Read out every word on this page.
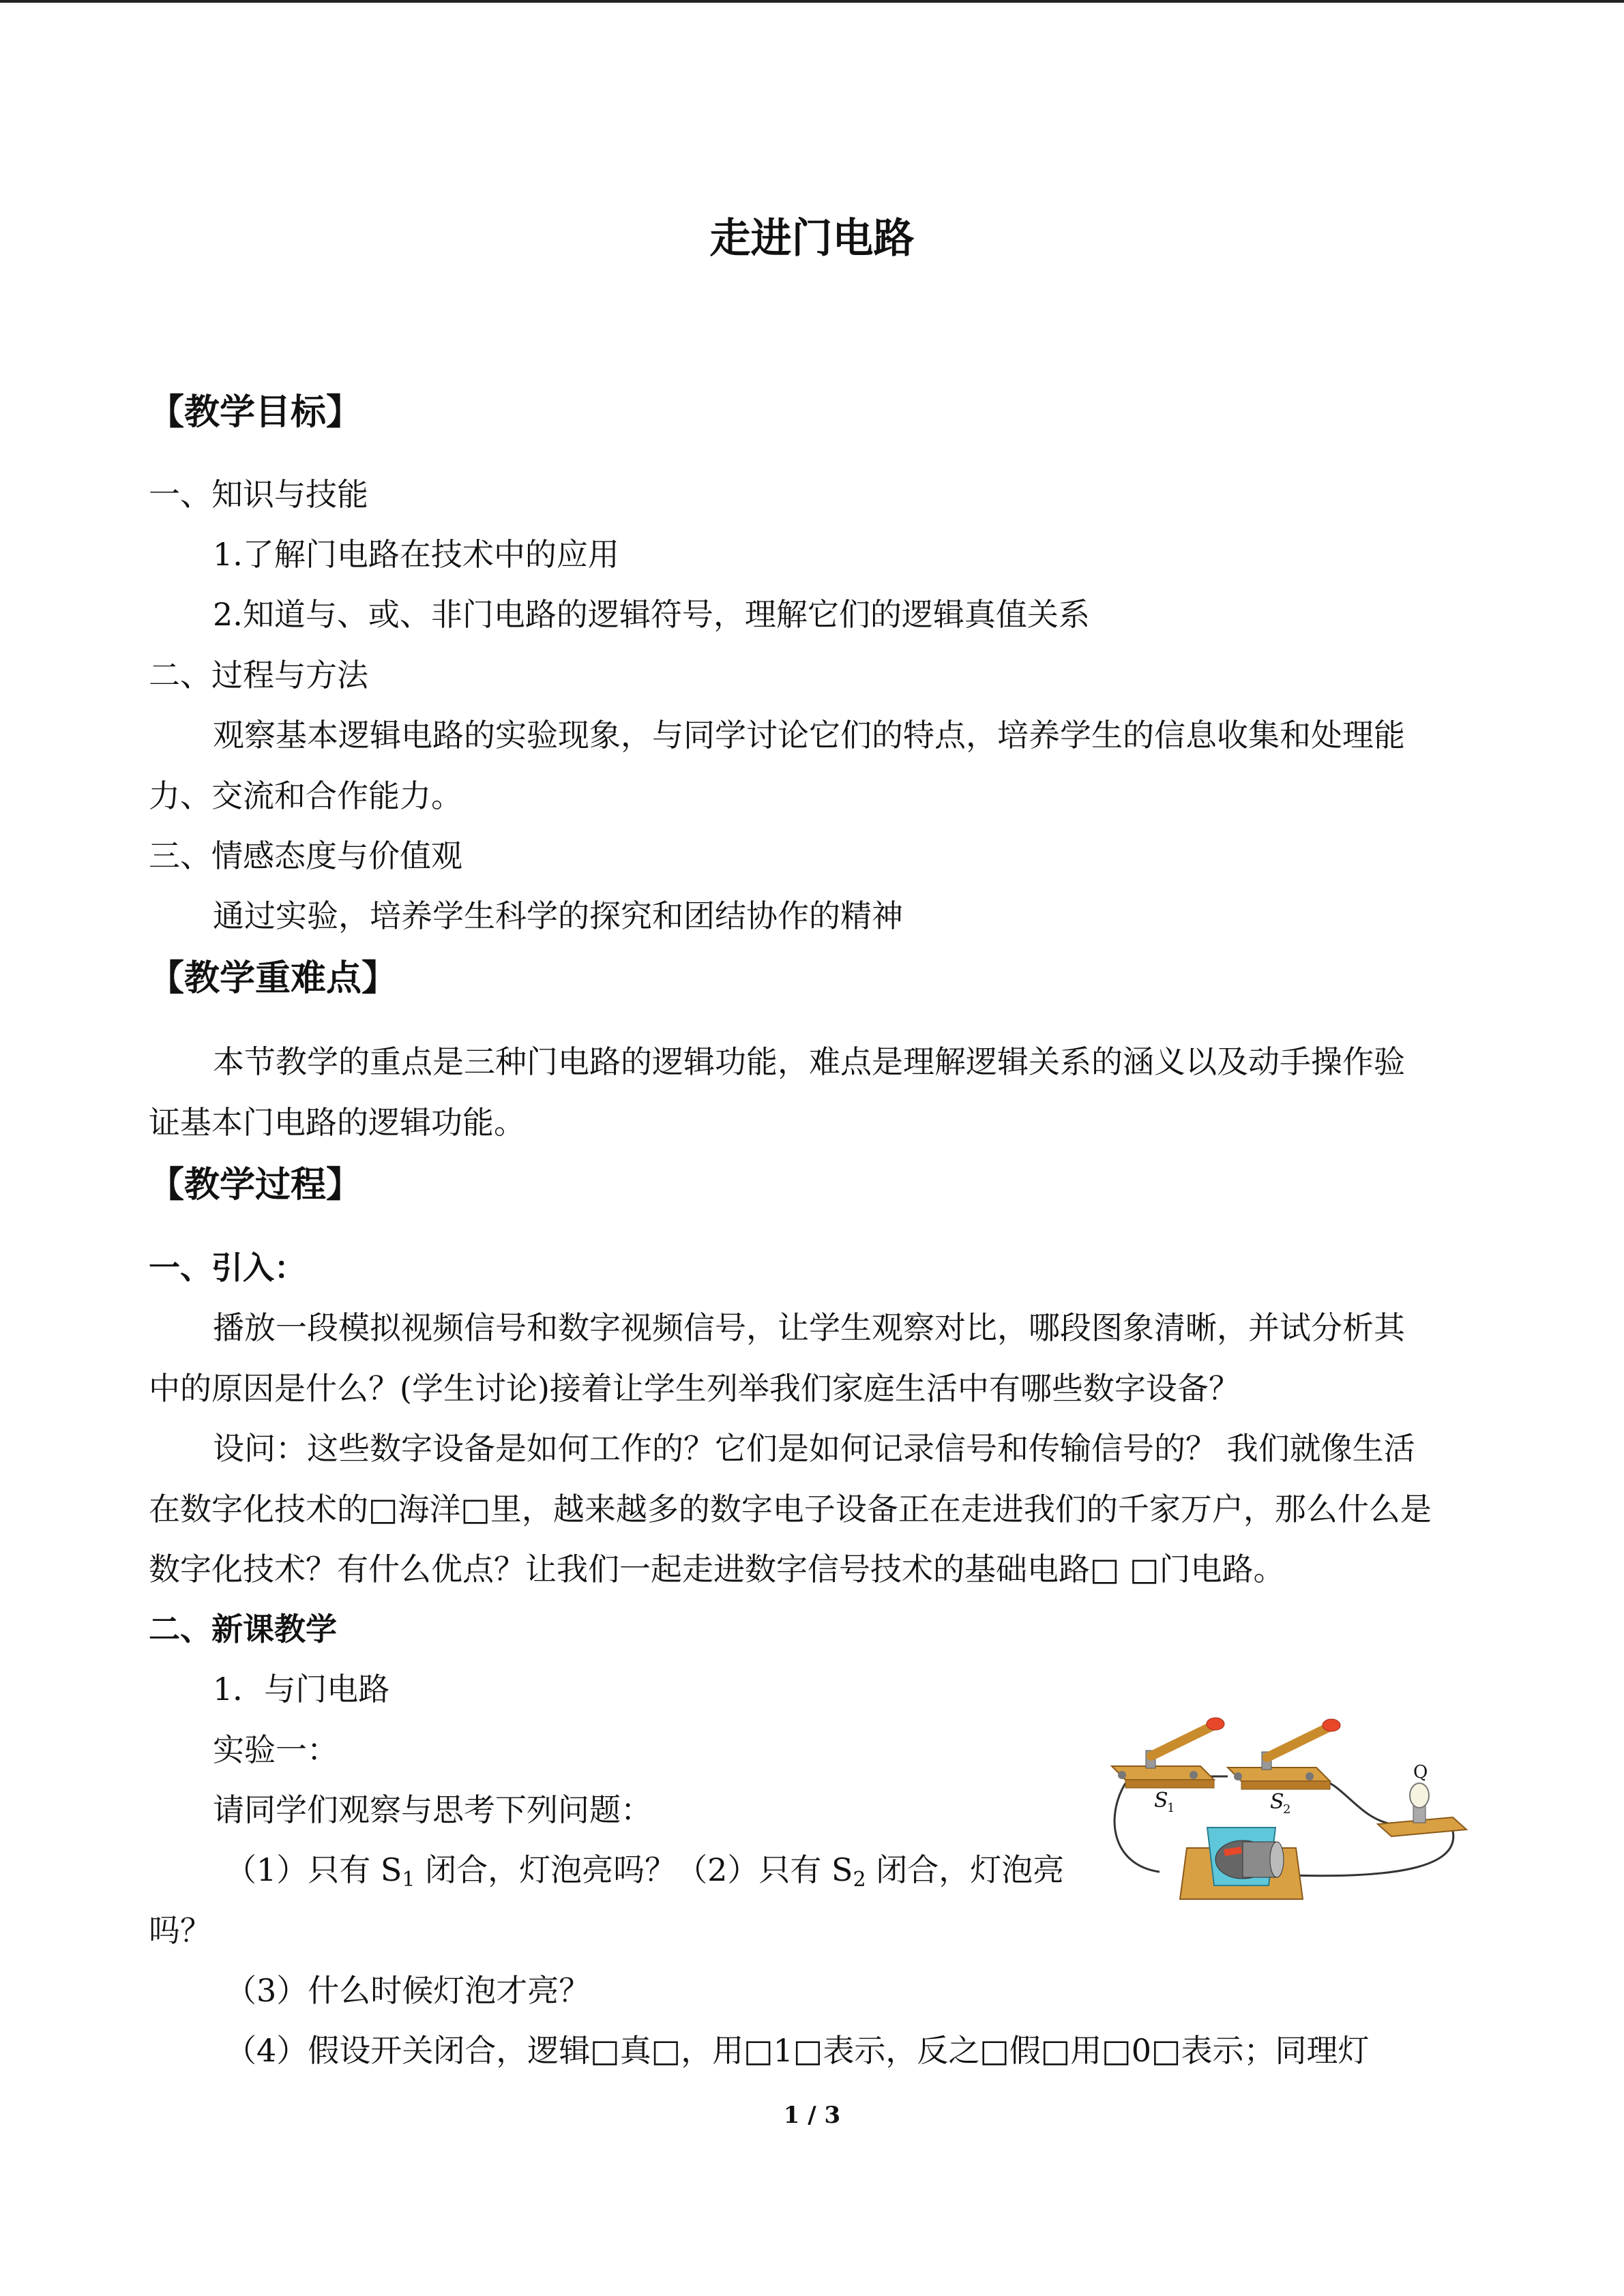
走进门电路
【教学目标】
一、知识与技能
1.了解门电路在技术中的应用
2.知道与、或、非门电路的逻辑符号，理解它们的逻辑真值关系
二、过程与方法
观察基本逻辑电路的实验现象，与同学讨论它们的特点，培养学生的信息收集和处理能
力、交流和合作能力。
三、情感态度与价值观
通过实验，培养学生科学的探究和团结协作的精神
【教学重难点】
本节教学的重点是三种门电路的逻辑功能，难点是理解逻辑关系的涵义以及动手操作验
证基本门电路的逻辑功能。
【教学过程】
一、引入：
播放一段模拟视频信号和数字视频信号，让学生观察对比，哪段图象清晰，并试分析其
中的原因是什么？(学生讨论)接着让学生列举我们家庭生活中有哪些数字设备？
设问：这些数字设备是如何工作的？它们是如何记录信号和传输信号的？ 我们就像生活
在数字化技术的□海洋□里，越来越多的数字电子设备正在走进我们的千家万户，那么什么是
数字化技术？有什么优点？让我们一起走进数字信号技术的基础电路□ □门电路。
二、新课教学
1．与门电路
实验一：
请同学们观察与思考下列问题：
（1）只有 $S_1$ 闭合，灯泡亮吗？（2）只有 $S_2$ 闭合，灯泡亮
吗？
（3）什么时候灯泡才亮？
（4）假设开关闭合，逻辑□真□，用□1□表示，反之□假□用□0□表示；同理灯
S
1	S
2
Q
1 / 3
